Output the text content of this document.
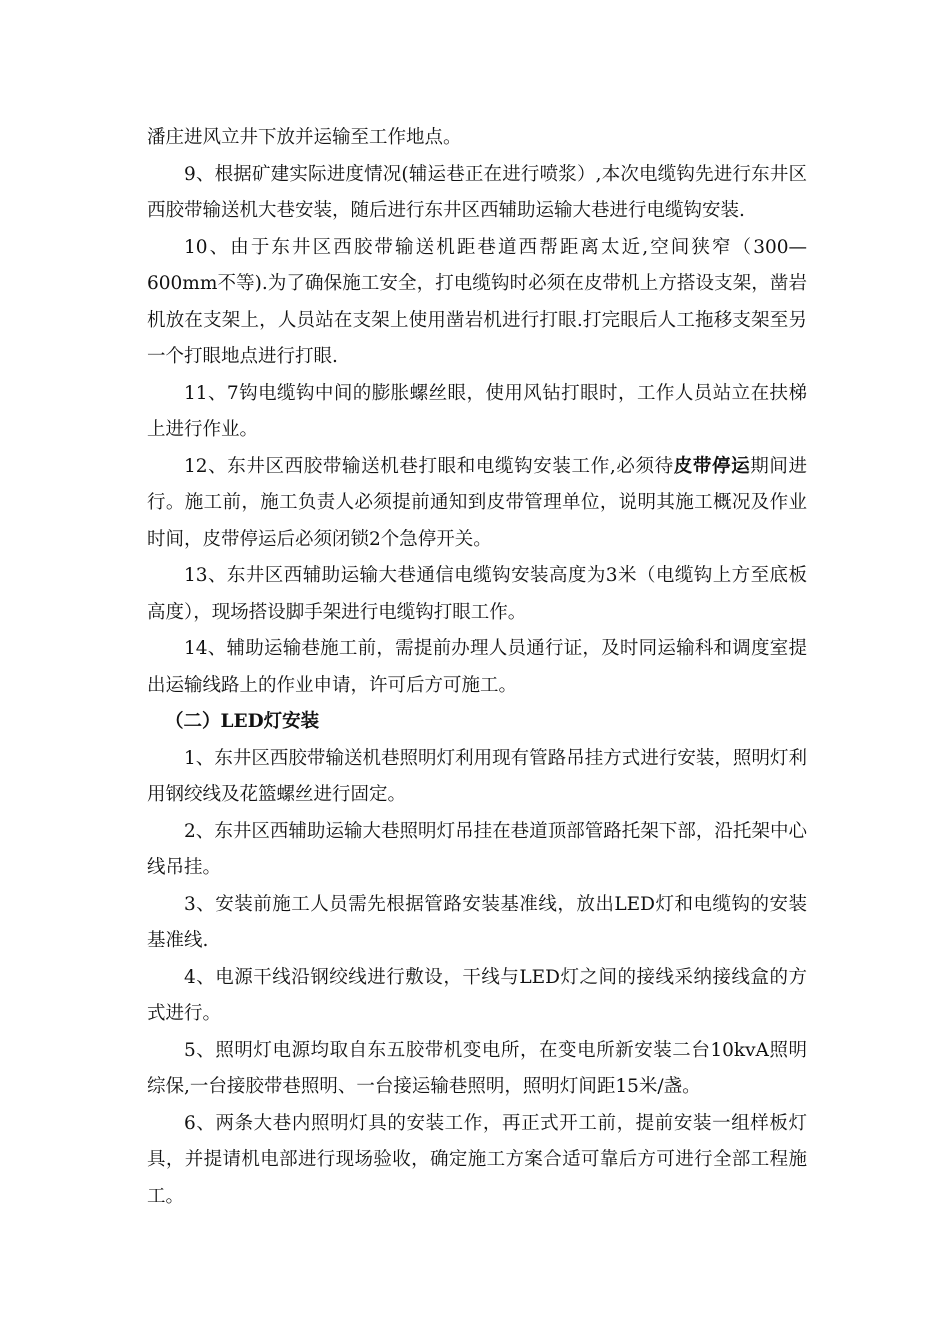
潘庄进风立井下放并运输至工作地点。

9、根据矿建实际进度情况(辅运巷正在进行喷浆）,本次电缆钩先进行东井区西胶带输送机大巷安装，随后进行东井区西辅助运输大巷进行电缆钩安装.

10、由于东井区西胶带输送机距巷道西帮距离太近,空间狭窄（300—600mm不等).为了确保施工安全，打电缆钩时必须在皮带机上方搭设支架，凿岩机放在支架上，人员站在支架上使用凿岩机进行打眼.打完眼后人工拖移支架至另一个打眼地点进行打眼.

11、7钩电缆钩中间的膨胀螺丝眼，使用风钻打眼时，工作人员站立在扶梯上进行作业。

12、东井区西胶带输送机巷打眼和电缆钩安装工作,必须待皮带停运期间进行。施工前，施工负责人必须提前通知到皮带管理单位，说明其施工概况及作业时间，皮带停运后必须闭锁2个急停开关。

13、东井区西辅助运输大巷通信电缆钩安装高度为3米（电缆钩上方至底板高度），现场搭设脚手架进行电缆钩打眼工作。

14、辅助运输巷施工前，需提前办理人员通行证，及时同运输科和调度室提出运输线路上的作业申请，许可后方可施工。

（二）LED灯安装

1、东井区西胶带输送机巷照明灯利用现有管路吊挂方式进行安装，照明灯利用钢绞线及花篮螺丝进行固定。

2、东井区西辅助运输大巷照明灯吊挂在巷道顶部管路托架下部，沿托架中心线吊挂。

3、安装前施工人员需先根据管路安装基准线，放出LED灯和电缆钩的安装基准线.

4、电源干线沿钢绞线进行敷设，干线与LED灯之间的接线采纳接线盒的方式进行。

5、照明灯电源均取自东五胶带机变电所，在变电所新安装二台10kvA照明综保,一台接胶带巷照明、一台接运输巷照明，照明灯间距15米/盏。

6、两条大巷内照明灯具的安装工作，再正式开工前，提前安装一组样板灯具，并提请机电部进行现场验收，确定施工方案合适可靠后方可进行全部工程施工。
